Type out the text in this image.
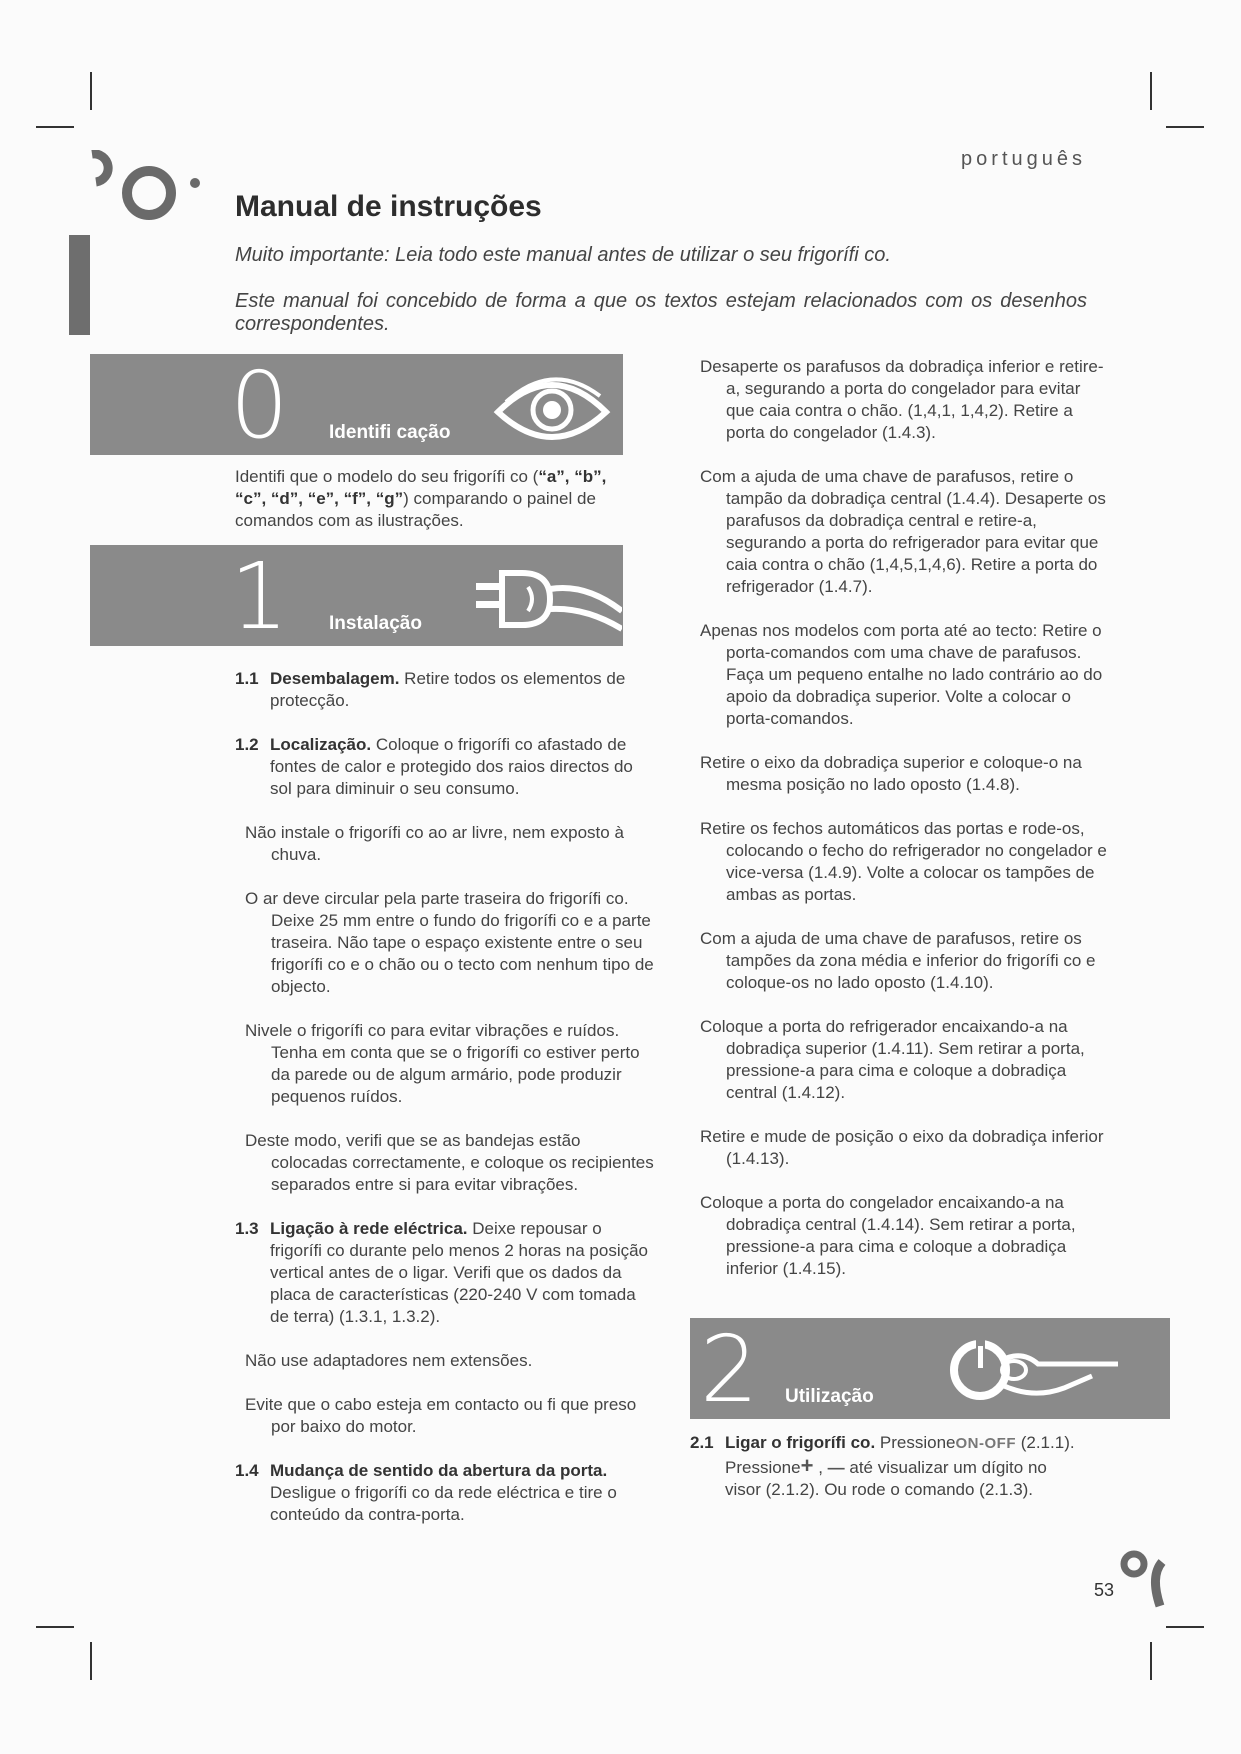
português
Manual de instruções

Muito importante: Leia todo este manual antes de utilizar o seu frigorífi co.

Este manual foi concebido de forma a que os textos estejam relacionados com os desenhos correspondentes.

0 Identifi cação

Identifi que o modelo do seu frigorífi co (“a”, “b”, “c”, “d”, “e”, “f”, “g”) comparando o painel de comandos com as ilustrações.

1 Instalação

1.1 Desembalagem. Retire todos os elementos de protecção.

1.2 Localização. Coloque o frigorífi co afastado de fontes de calor e protegido dos raios directos do sol para diminuir o seu consumo.

Não instale o frigorífi co ao ar livre, nem exposto à chuva.

O ar deve circular pela parte traseira do frigorífi co. Deixe 25 mm entre o fundo do frigorífi co e a parte traseira. Não tape o espaço existente entre o seu frigorífi co e o chão ou o tecto com nenhum tipo de objecto.

Nivele o frigorífi co para evitar vibrações e ruídos. Tenha em conta que se o frigorífi co estiver perto da parede ou de algum armário, pode produzir pequenos ruídos.

Deste modo, verifi que se as bandejas estão colocadas correctamente, e coloque os recipientes separados entre si para evitar vibrações.

1.3 Ligação à rede eléctrica. Deixe repousar o frigorífi co durante pelo menos 2 horas na posição vertical antes de o ligar. Verifi que os dados da placa de características (220-240 V com tomada de terra) (1.3.1, 1.3.2).

Não use adaptadores nem extensões.

Evite que o cabo esteja em contacto ou fi que preso por baixo do motor.

1.4 Mudança de sentido da abertura da porta.
Desligue o frigorífi co da rede eléctrica e tire o conteúdo da contra-porta.

Desaperte os parafusos da dobradiça inferior e retire-a, segurando a porta do congelador para evitar que caia contra o chão. (1,4,1, 1,4,2). Retire a porta do congelador (1.4.3).

Com a ajuda de uma chave de parafusos, retire o tampão da dobradiça central (1.4.4). Desaperte os parafusos da dobradiça central e retire-a, segurando a porta do refrigerador para evitar que caia contra o chão (1,4,5,1,4,6). Retire a porta do refrigerador (1.4.7).

Apenas nos modelos com porta até ao tecto: Retire o porta-comandos com uma chave de parafusos. Faça um pequeno entalhe no lado contrário ao do apoio da dobradiça superior. Volte a colocar o porta-comandos.

Retire o eixo da dobradiça superior e coloque-o na mesma posição no lado oposto (1.4.8).

Retire os fechos automáticos das portas e rode-os, colocando o fecho do refrigerador no congelador e vice-versa (1.4.9). Volte a colocar os tampões de ambas as portas.

Com a ajuda de uma chave de parafusos, retire os tampões da zona média e inferior do frigorífi co e coloque-os no lado oposto (1.4.10).

Coloque a porta do refrigerador encaixando-a na dobradiça superior (1.4.11). Sem retirar a porta, pressione-a para cima e coloque a dobradiça central (1.4.12).

Retire e mude de posição o eixo da dobradiça inferior (1.4.13).

Coloque a porta do congelador encaixando-a na dobradiça central (1.4.14). Sem retirar a porta, pressione-a para cima e coloque a dobradiça inferior (1.4.15).

2 Utilização

2.1 Ligar o frigorífi co. PressioneON-OFF (2.1.1). Pressione+ , — até visualizar um dígito no visor (2.1.2). Ou rode o comando (2.1.3).

53
